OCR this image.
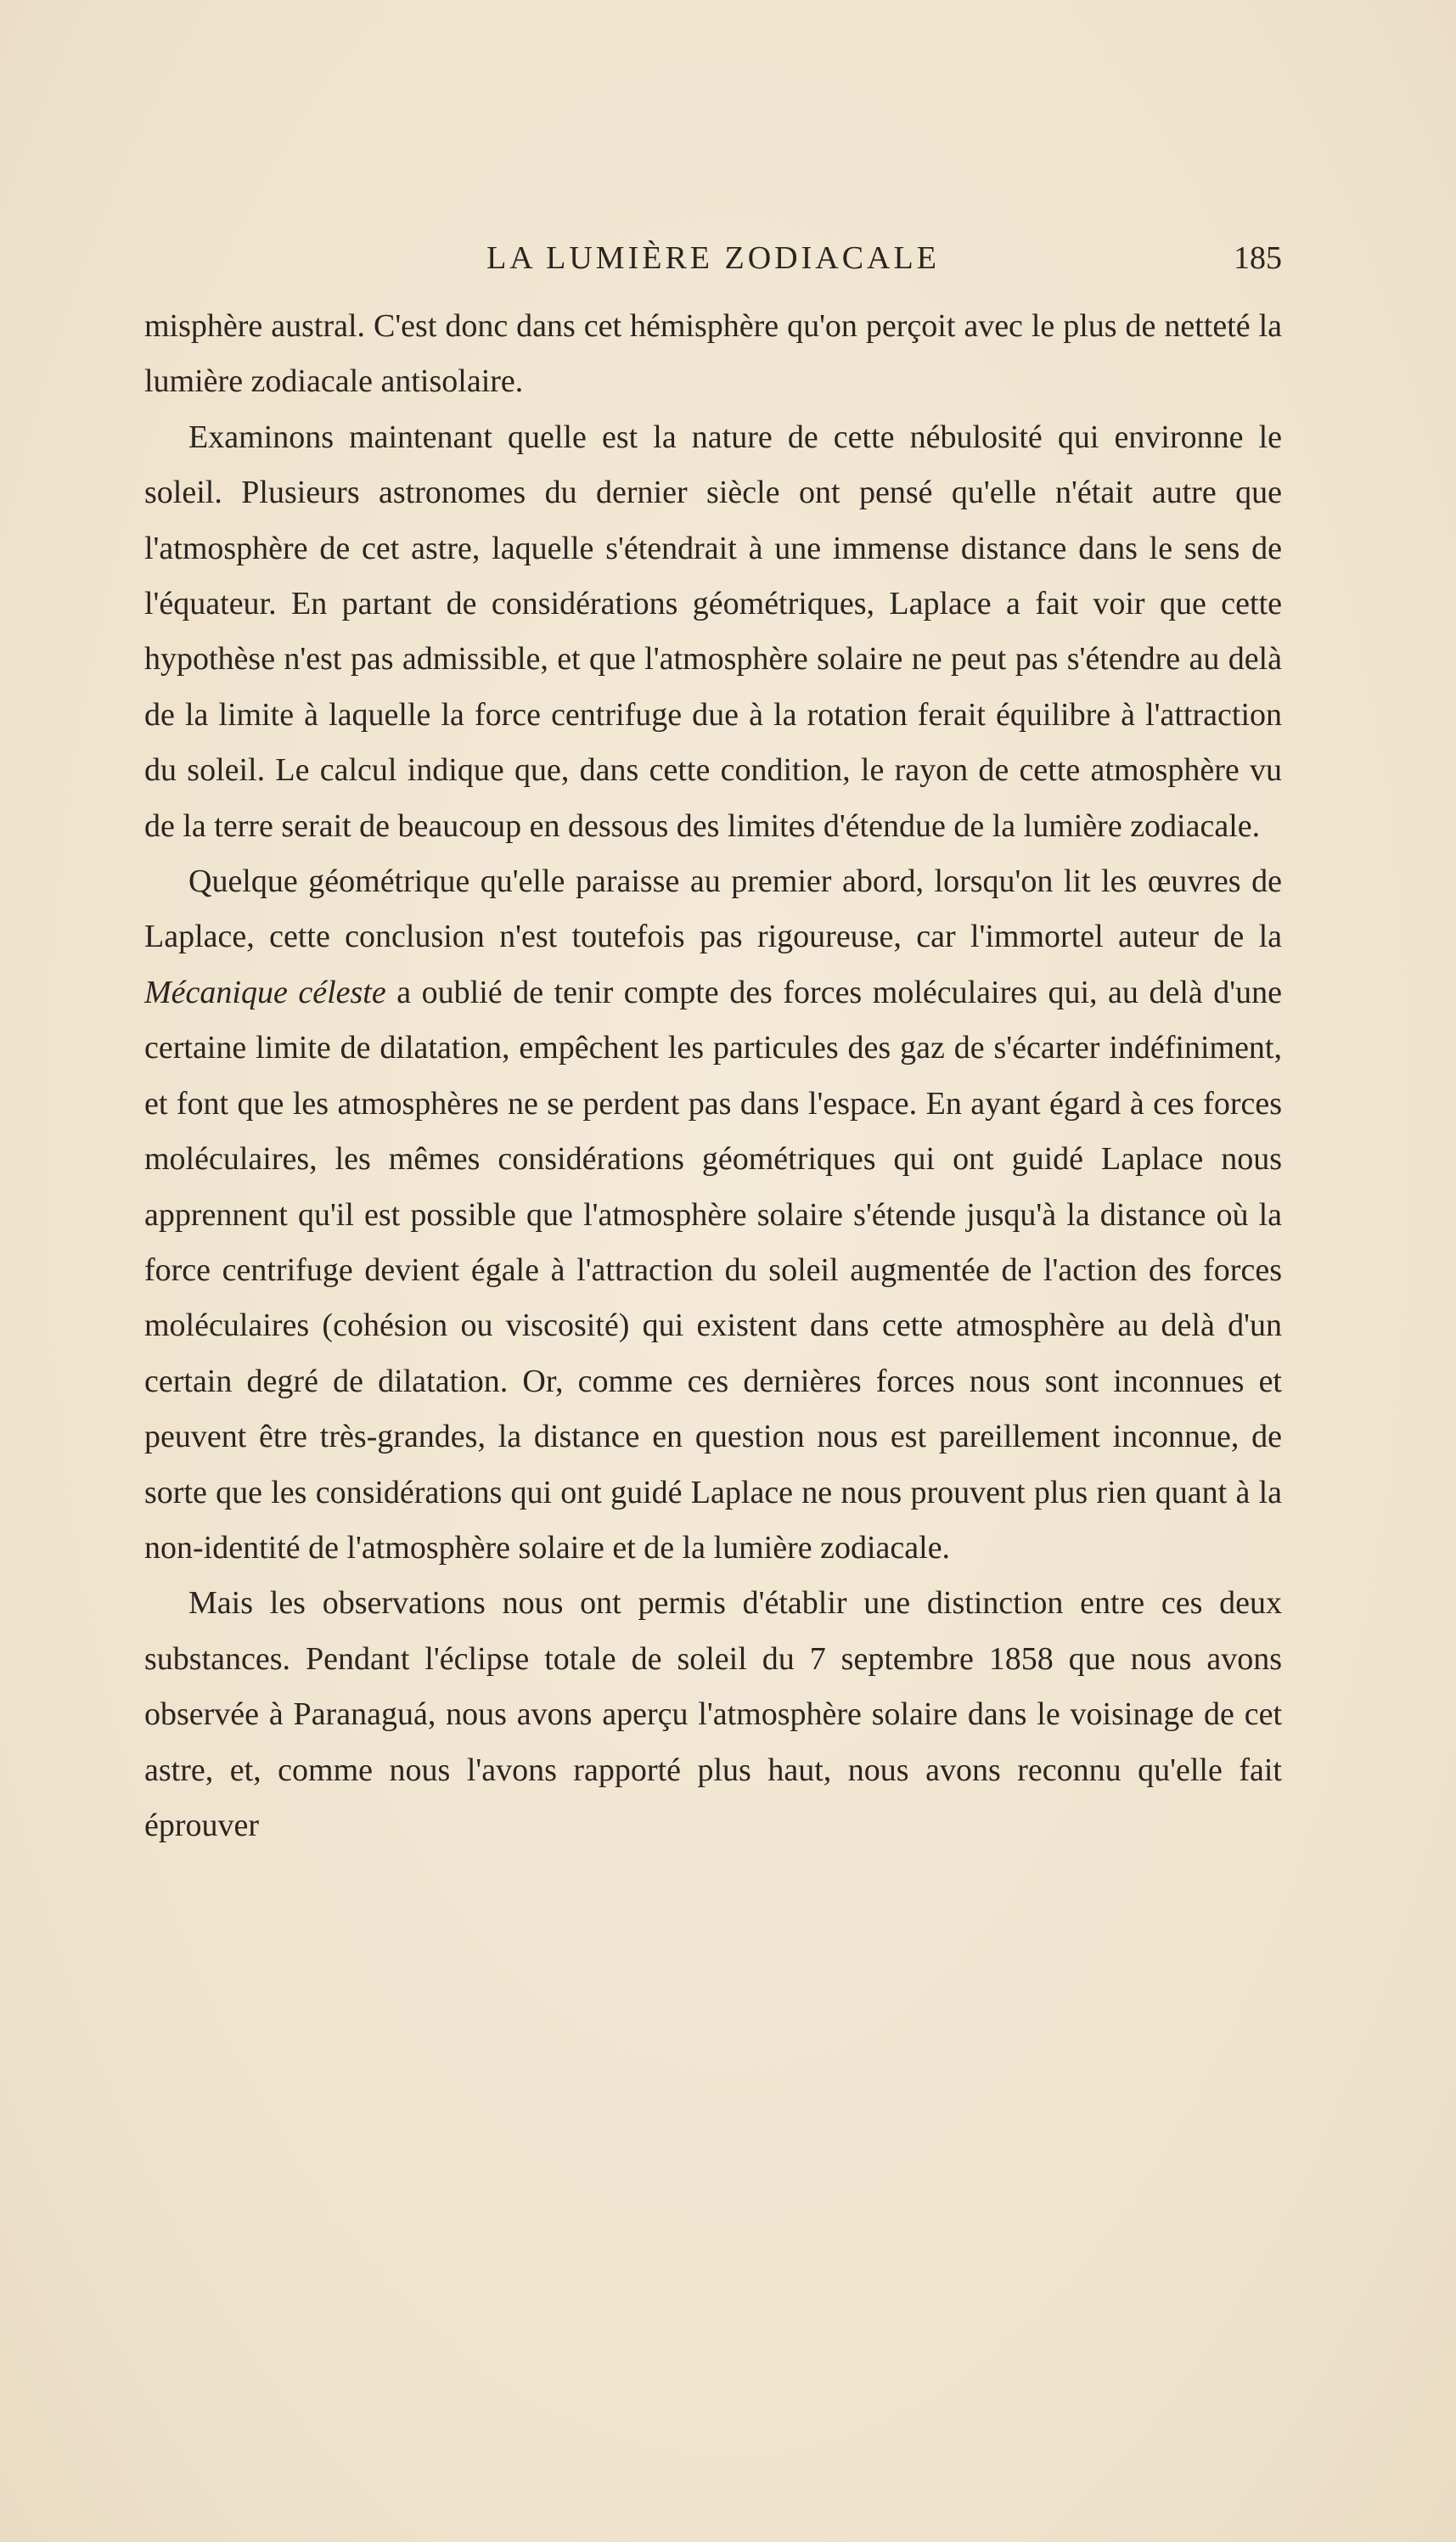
LA LUMIÈRE ZODIACALE	185

misphère austral. C'est donc dans cet hémisphère qu'on perçoit avec le plus de netteté la lumière zodiacale antisolaire.

Examinons maintenant quelle est la nature de cette nébulosité qui environne le soleil. Plusieurs astronomes du dernier siècle ont pensé qu'elle n'était autre que l'atmosphère de cet astre, laquelle s'étendrait à une immense distance dans le sens de l'équateur. En partant de considérations géométriques, Laplace a fait voir que cette hypothèse n'est pas admissible, et que l'atmosphère solaire ne peut pas s'étendre au delà de la limite à laquelle la force centrifuge due à la rotation ferait équilibre à l'attraction du soleil. Le calcul indique que, dans cette condition, le rayon de cette atmosphère vu de la terre serait de beaucoup en dessous des limites d'étendue de la lumière zodiacale.

Quelque géométrique qu'elle paraisse au premier abord, lorsqu'on lit les œuvres de Laplace, cette conclusion n'est toutefois pas rigoureuse, car l'immortel auteur de la Mécanique céleste a oublié de tenir compte des forces moléculaires qui, au delà d'une certaine limite de dilatation, empêchent les particules des gaz de s'écarter indéfiniment, et font que les atmosphères ne se perdent pas dans l'espace. En ayant égard à ces forces moléculaires, les mêmes considérations géométriques qui ont guidé Laplace nous apprennent qu'il est possible que l'atmosphère solaire s'étende jusqu'à la distance où la force centrifuge devient égale à l'attraction du soleil augmentée de l'action des forces moléculaires (cohésion ou viscosité) qui existent dans cette atmosphère au delà d'un certain degré de dilatation. Or, comme ces dernières forces nous sont inconnues et peuvent être très-grandes, la distance en question nous est pareillement inconnue, de sorte que les considérations qui ont guidé Laplace ne nous prouvent plus rien quant à la non-identité de l'atmosphère solaire et de la lumière zodiacale.

Mais les observations nous ont permis d'établir une distinction entre ces deux substances. Pendant l'éclipse totale de soleil du 7 septembre 1858 que nous avons observée à Paranaguá, nous avons aperçu l'atmosphère solaire dans le voisinage de cet astre, et, comme nous l'avons rapporté plus haut, nous avons reconnu qu'elle fait éprouver
